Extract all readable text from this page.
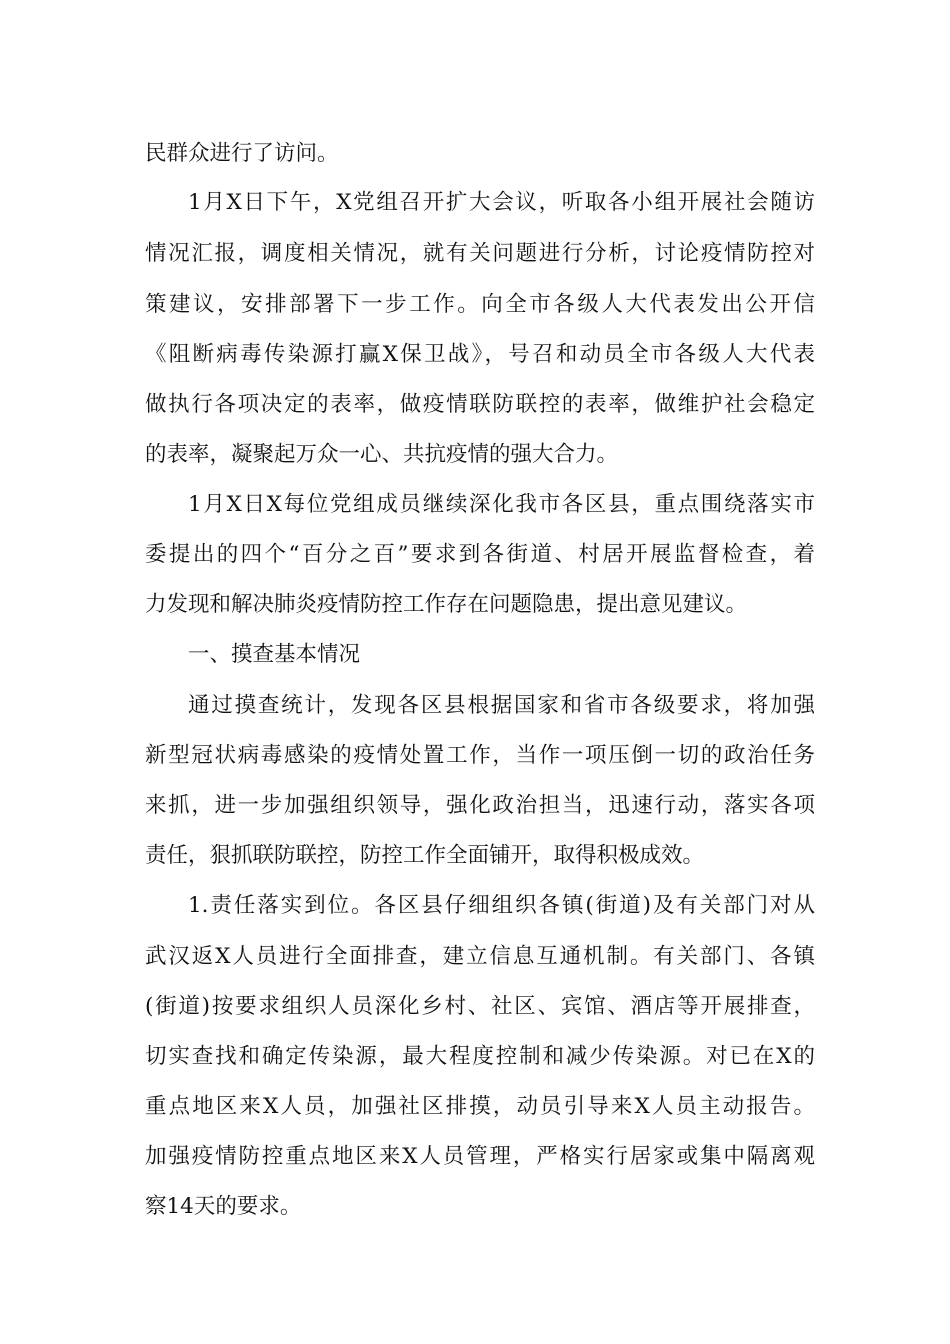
民群众进行了访问。
1月X日下午，X党组召开扩大会议，听取各小组开展社会随访
情况汇报，调度相关情况，就有关问题进行分析，讨论疫情防控对
策建议，安排部署下一步工作。向全市各级人大代表发出公开信
《阻断病毒传染源打赢X保卫战》，号召和动员全市各级人大代表
做执行各项决定的表率，做疫情联防联控的表率，做维护社会稳定
的表率，凝聚起万众一心、共抗疫情的强大合力。
1月X日X每位党组成员继续深化我市各区县，重点围绕落实市
委提出的四个“百分之百”要求到各街道、村居开展监督检查，着
力发现和解决肺炎疫情防控工作存在问题隐患，提出意见建议。
一、摸查基本情况
通过摸查统计，发现各区县根据国家和省市各级要求，将加强
新型冠状病毒感染的疫情处置工作，当作一项压倒一切的政治任务
来抓，进一步加强组织领导，强化政治担当，迅速行动，落实各项
责任，狠抓联防联控，防控工作全面铺开，取得积极成效。
1.责任落实到位。各区县仔细组织各镇(街道)及有关部门对从
武汉返X人员进行全面排查，建立信息互通机制。有关部门、各镇
(街道)按要求组织人员深化乡村、社区、宾馆、酒店等开展排查，
切实查找和确定传染源，最大程度控制和减少传染源。对已在X的
重点地区来X人员，加强社区排摸，动员引导来X人员主动报告。
加强疫情防控重点地区来X人员管理，严格实行居家或集中隔离观
察14天的要求。
